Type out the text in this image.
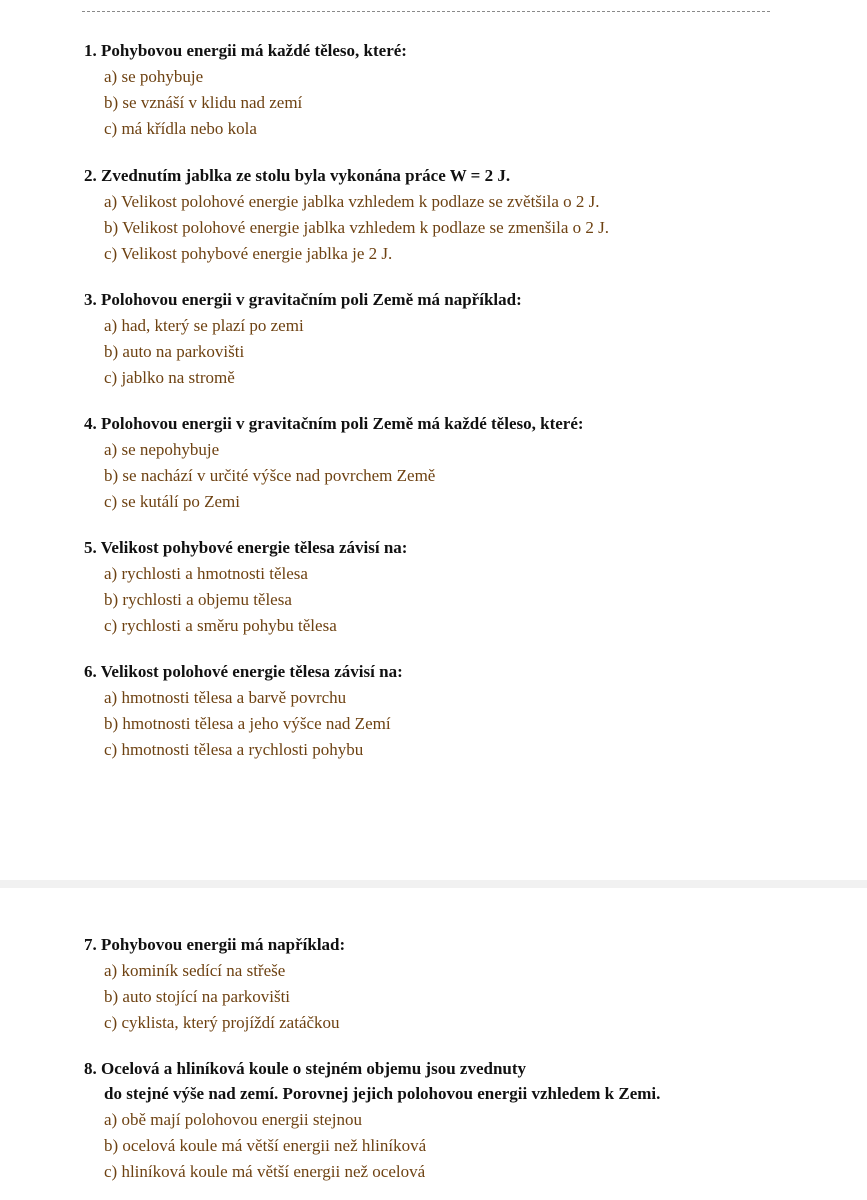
1. Pohybovou energii má každé těleso, které:
a) se pohybuje
b) se vznáší v klidu nad zemí
c) má křídla nebo kola
2. Zvednutím jablka ze stolu byla vykonána práce W = 2 J.
a) Velikost polohové energie jablka vzhledem k podlaze se zvětšila o 2 J.
b) Velikost polohové energie jablka vzhledem k podlaze se zmenšila o 2 J.
c) Velikost pohybové energie jablka je 2 J.
3. Polohovou energii v gravitačním poli Země má například:
a) had, který se plazí po zemi
b) auto na parkovišti
c) jablko na stromě
4. Polohovou energii v gravitačním poli Země má každé těleso, které:
a) se nepohybuje
b) se nachází v určité výšce nad povrchem Země
c) se kutálí po Zemi
5. Velikost pohybové energie tělesa závisí na:
a) rychlosti a hmotnosti tělesa
b) rychlosti a objemu tělesa
c) rychlosti a směru pohybu tělesa
6. Velikost polohové energie tělesa závisí na:
a) hmotnosti tělesa a barvě povrchu
b) hmotnosti tělesa a jeho výšce nad Zemí
c) hmotnosti tělesa a rychlosti pohybu
7. Pohybovou energii má například:
a) kominík sedící na střeše
b) auto stojící na parkovišti
c) cyklista, který projíždí zatáčkou
8. Ocelová a hliníková koule o stejném objemu jsou zvednuty
do stejné výše nad zemí. Porovnej jejich polohovou energii vzhledem k Zemi.
a) obě mají polohovou energii stejnou
b) ocelová koule má větší energii než hliníková
c) hliníková koule má větší energii než ocelová
